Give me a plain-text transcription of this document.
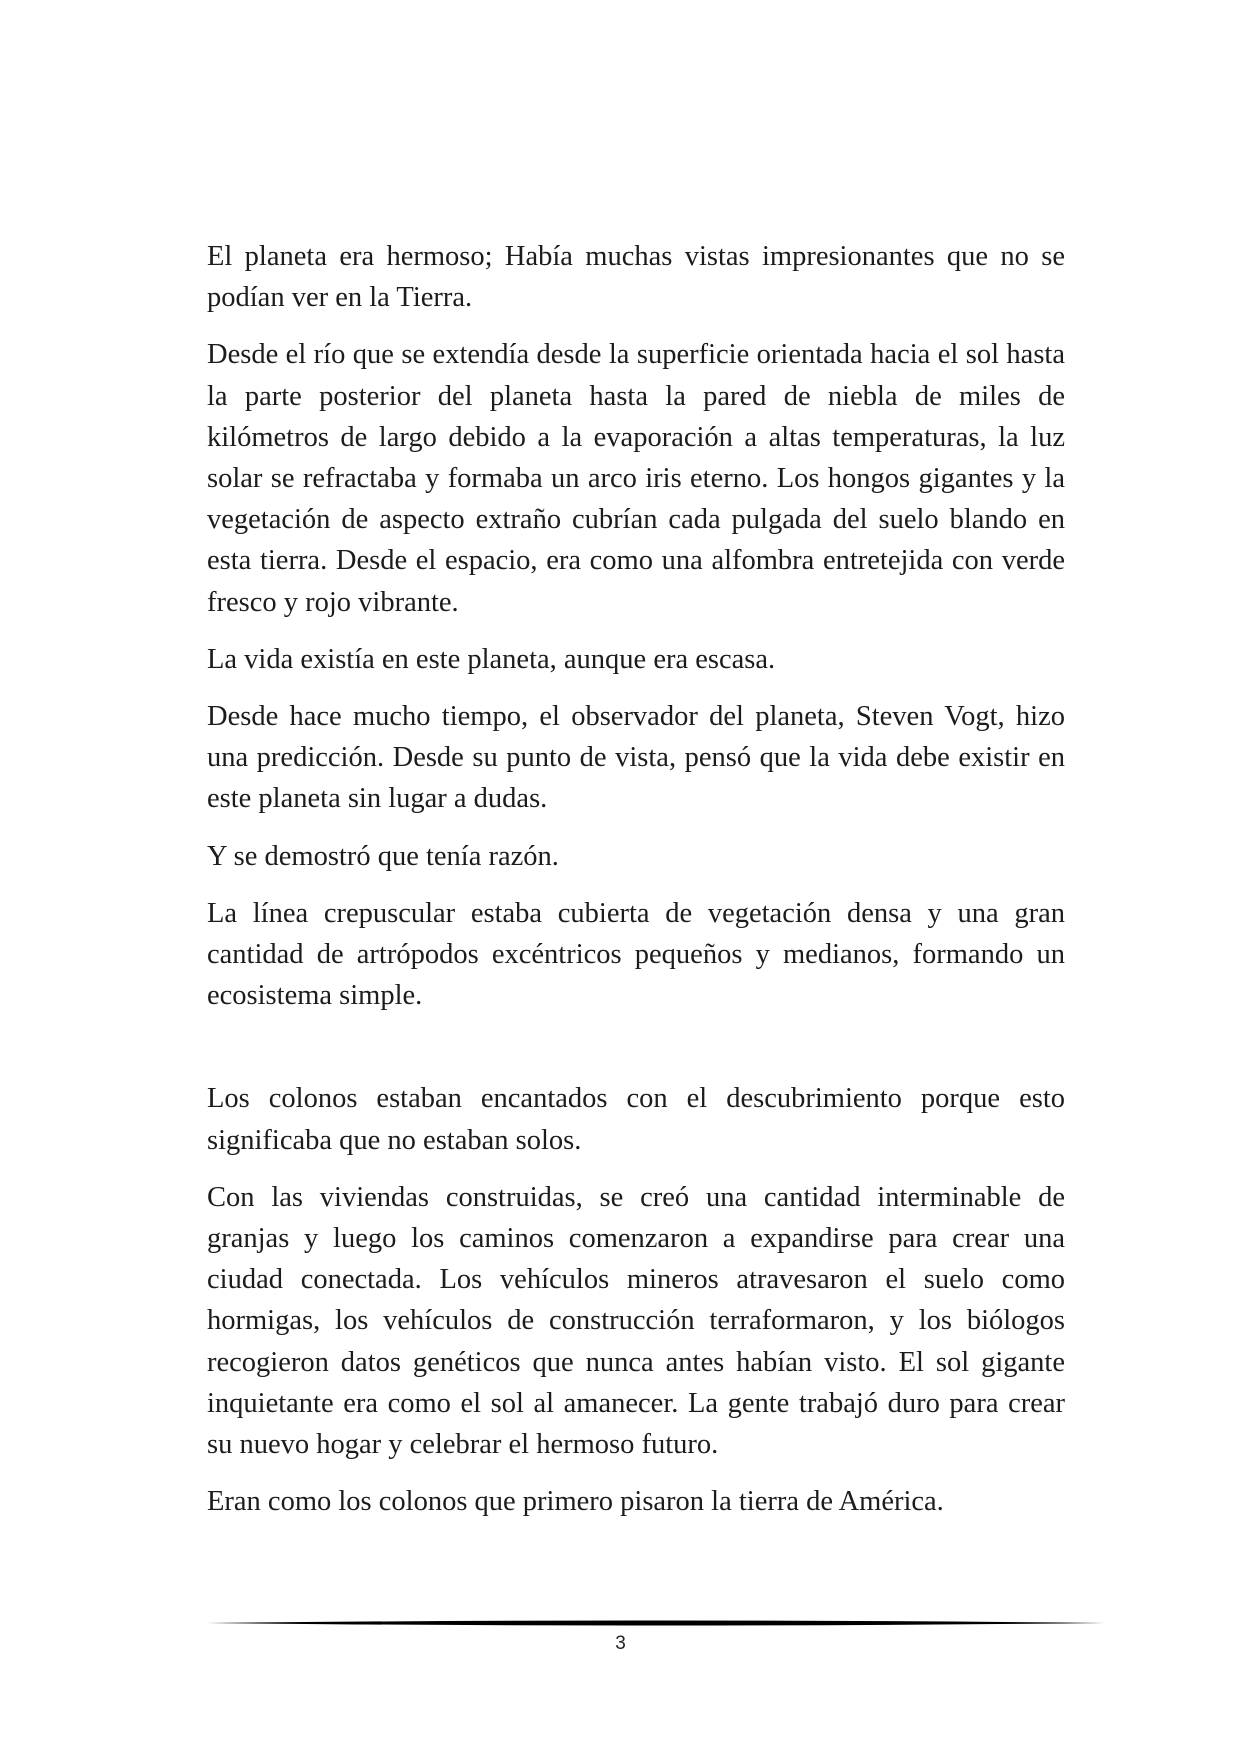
El planeta era hermoso; Había muchas vistas impresionantes que no se podían ver en la Tierra.

Desde el río que se extendía desde la superficie orientada hacia el sol hasta la parte posterior del planeta hasta la pared de niebla de miles de kilómetros de largo debido a la evaporación a altas temperaturas, la luz solar se refractaba y formaba un arco iris eterno. Los hongos gigantes y la vegetación de aspecto extraño cubrían cada pulgada del suelo blando en esta tierra. Desde el espacio, era como una alfombra entretejida con verde fresco y rojo vibrante.

La vida existía en este planeta, aunque era escasa.

Desde hace mucho tiempo, el observador del planeta, Steven Vogt, hizo una predicción. Desde su punto de vista, pensó que la vida debe existir en este planeta sin lugar a dudas.

Y se demostró que tenía razón.

La línea crepuscular estaba cubierta de vegetación densa y una gran cantidad de artrópodos excéntricos pequeños y medianos, formando un ecosistema simple.

Los colonos estaban encantados con el descubrimiento porque esto significaba que no estaban solos.

Con las viviendas construidas, se creó una cantidad interminable de granjas y luego los caminos comenzaron a expandirse para crear una ciudad conectada. Los vehículos mineros atravesaron el suelo como hormigas, los vehículos de construcción terraformaron, y los biólogos recogieron datos genéticos que nunca antes habían visto. El sol gigante inquietante era como el sol al amanecer. La gente trabajó duro para crear su nuevo hogar y celebrar el hermoso futuro.

Eran como los colonos que primero pisaron la tierra de América.

3
